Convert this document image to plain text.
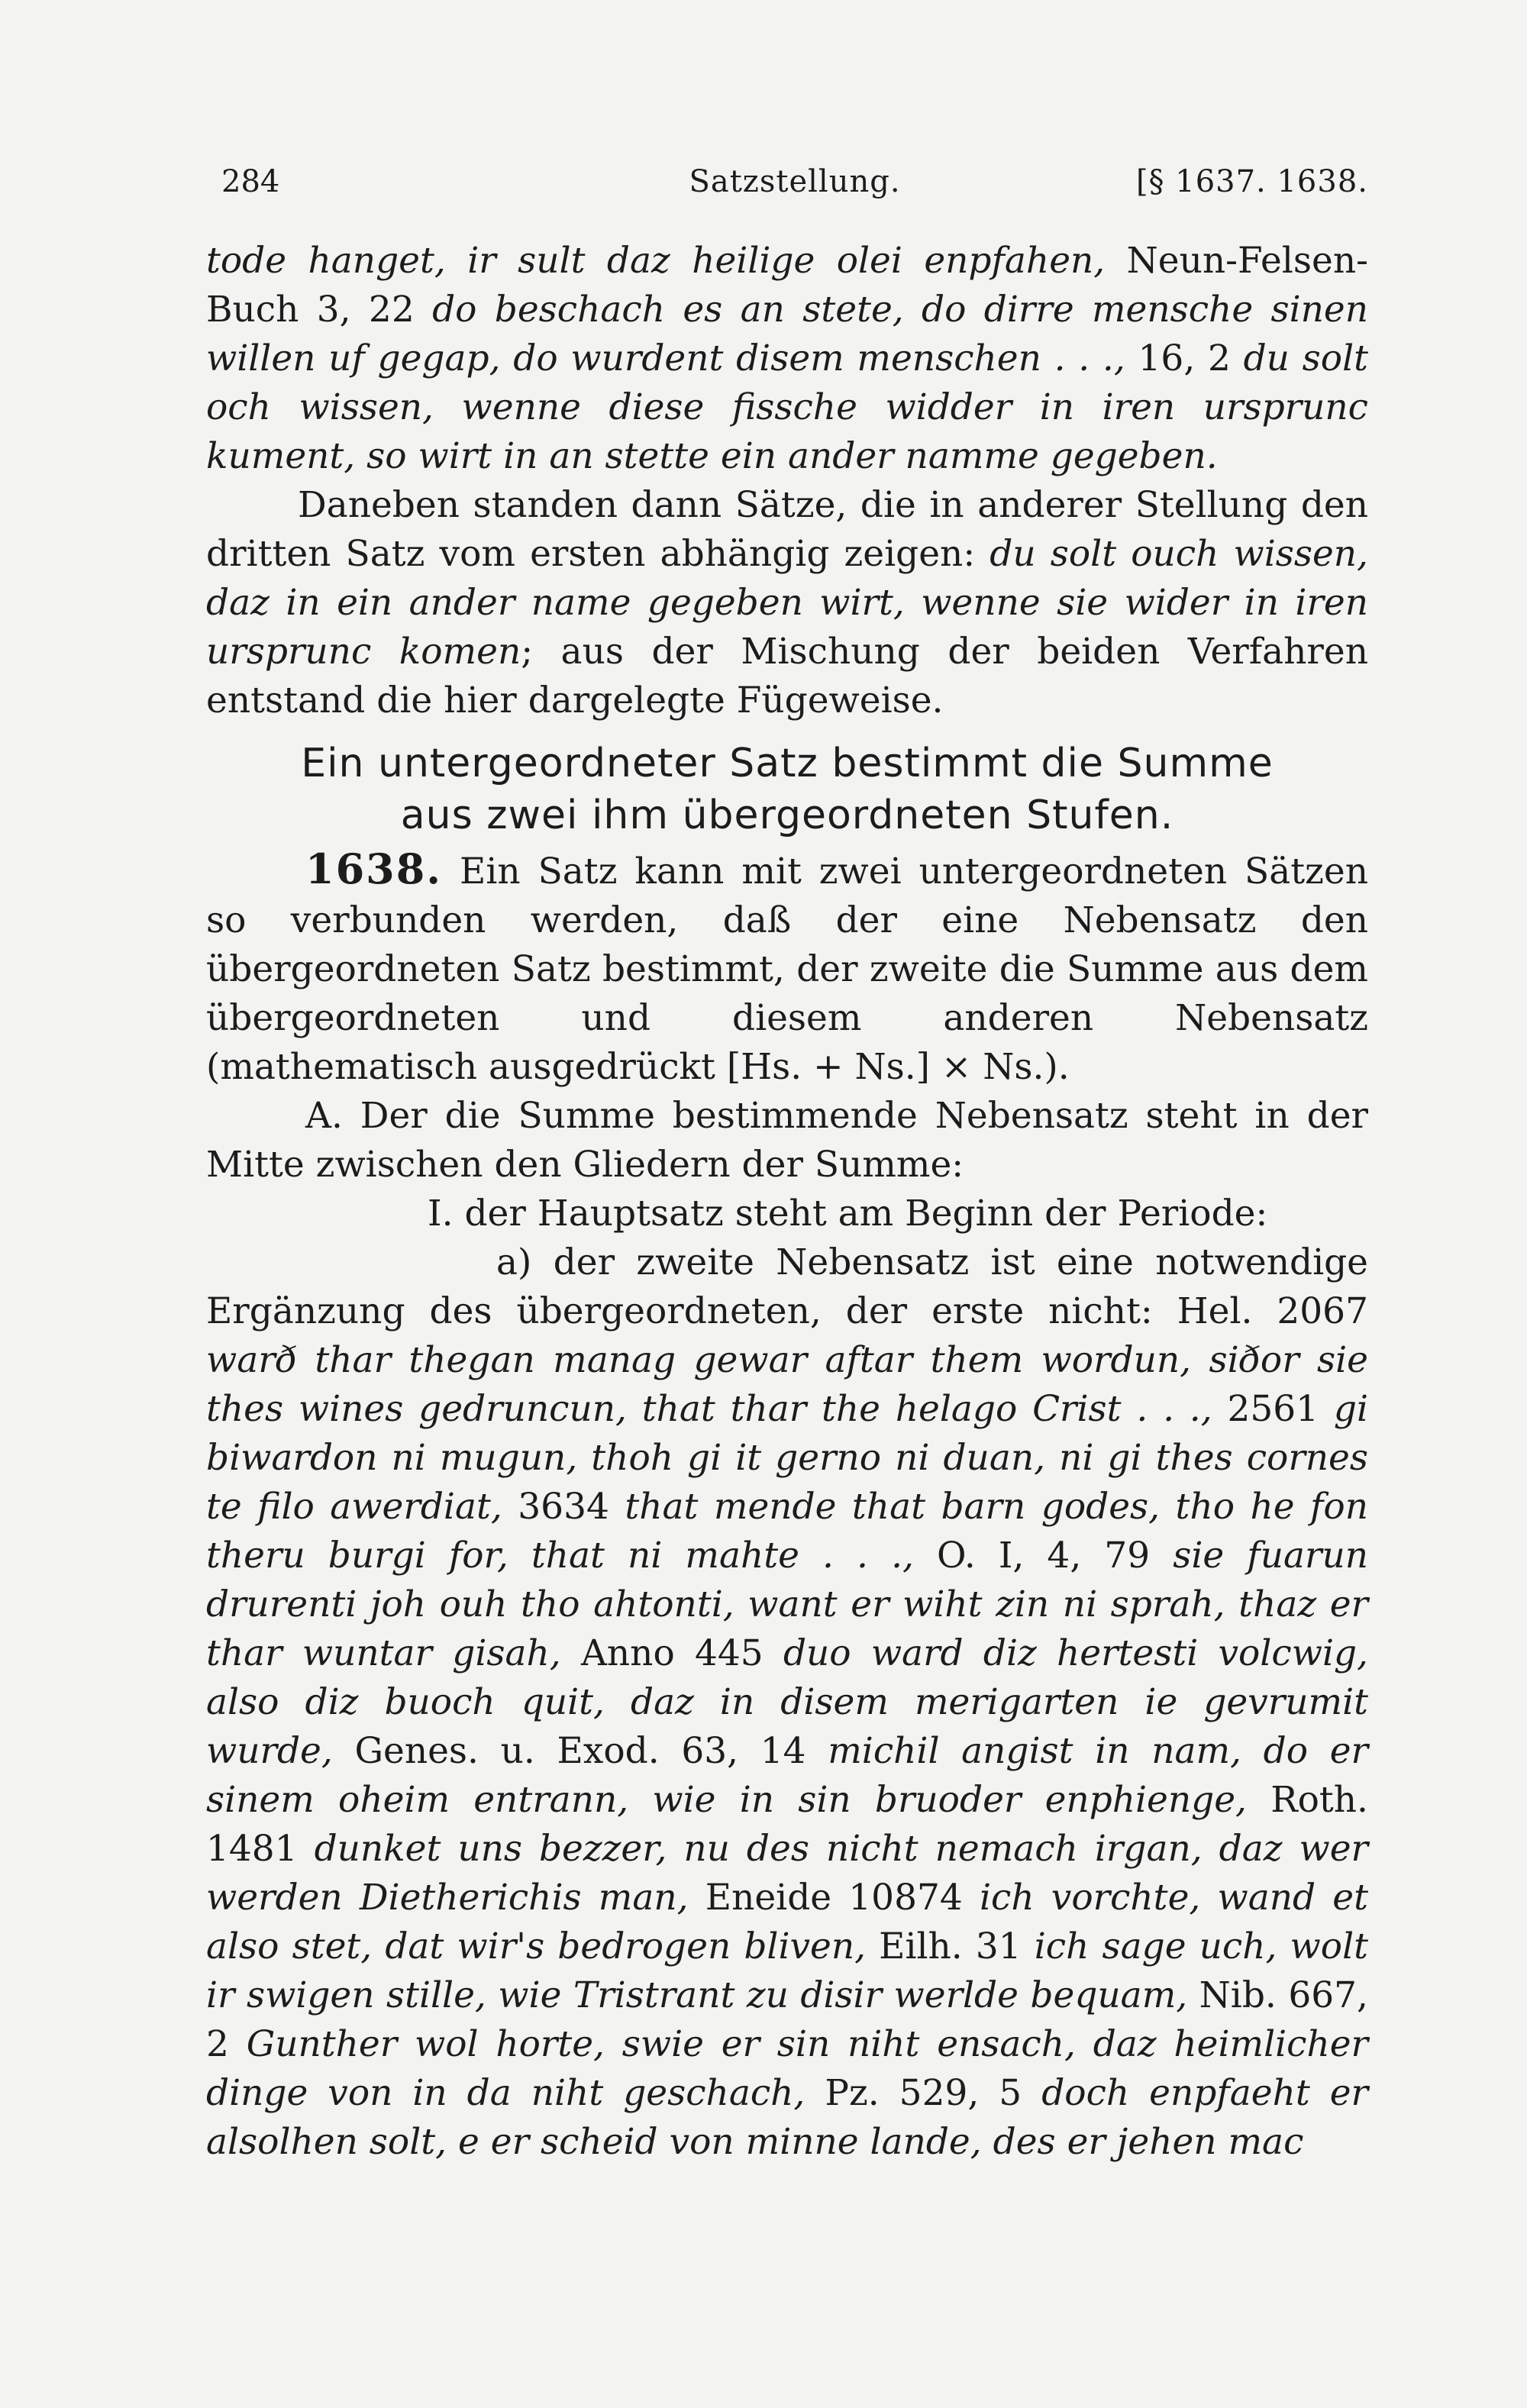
284	Satzstellung.	[§ 1637. 1638.

tode hanget, ir sult daz heilige olei enpfahen, Neun-Felsen-Buch 3, 22 do beschach es an stete, do dirre mensche sinen willen uf gegap, do wurdent disem menschen . . ., 16, 2 du solt och wissen, wenne diese fissche widder in iren ursprunc kument, so wirt in an stette ein ander namme gegeben.

Daneben standen dann Sätze, die in anderer Stellung den dritten Satz vom ersten abhängig zeigen: du solt ouch wissen, daz in ein ander name gegeben wirt, wenne sie wider in iren ursprunc komen; aus der Mischung der beiden Verfahren entstand die hier dargelegte Fügeweise.

Ein untergeordneter Satz bestimmt die Summe
aus zwei ihm übergeordneten Stufen.

1638. Ein Satz kann mit zwei untergeordneten Sätzen so verbunden werden, daß der eine Nebensatz den übergeordneten Satz bestimmt, der zweite die Summe aus dem übergeordneten und diesem anderen Nebensatz (mathematisch ausgedrückt [Hs. + Ns.] × Ns.).

A. Der die Summe bestimmende Nebensatz steht in der Mitte zwischen den Gliedern der Summe:

I. der Hauptsatz steht am Beginn der Periode:

a) der zweite Nebensatz ist eine notwendige Ergänzung des übergeordneten, der erste nicht: Hel. 2067 warð thar thegan manag gewar aftar them wordun, siðor sie thes wines gedruncun, that thar the helago Crist . . ., 2561 gi biwardon ni mugun, thoh gi it gerno ni duan, ni gi thes cornes te filo awerdiat, 3634 that mende that barn godes, tho he fon theru burgi for, that ni mahte . . ., O. I, 4, 79 sie fuarun drurenti joh ouh tho ahtonti, want er wiht zin ni sprah, thaz er thar wuntar gisah, Anno 445 duo ward diz hertesti volcwig, also diz buoch quit, daz in disem merigarten ie gevrumit wurde, Genes. u. Exod. 63, 14 michil angist in nam, do er sinem oheim entrann, wie in sin bruoder enphienge, Roth. 1481 dunket uns bezzer, nu des nicht nemach irgan, daz wer werden Dietherichis man, Eneide 10874 ich vorchte, wand et also stet, dat wir's bedrogen bliven, Eilh. 31 ich sage uch, wolt ir swigen stille, wie Tristrant zu disir werlde bequam, Nib. 667, 2 Gunther wol horte, swie er sin niht ensach, daz heimlicher dinge von in da niht geschach, Pz. 529, 5 doch enpfaeht er alsolhen solt, e er scheid von minne lande, des er jehen mac
